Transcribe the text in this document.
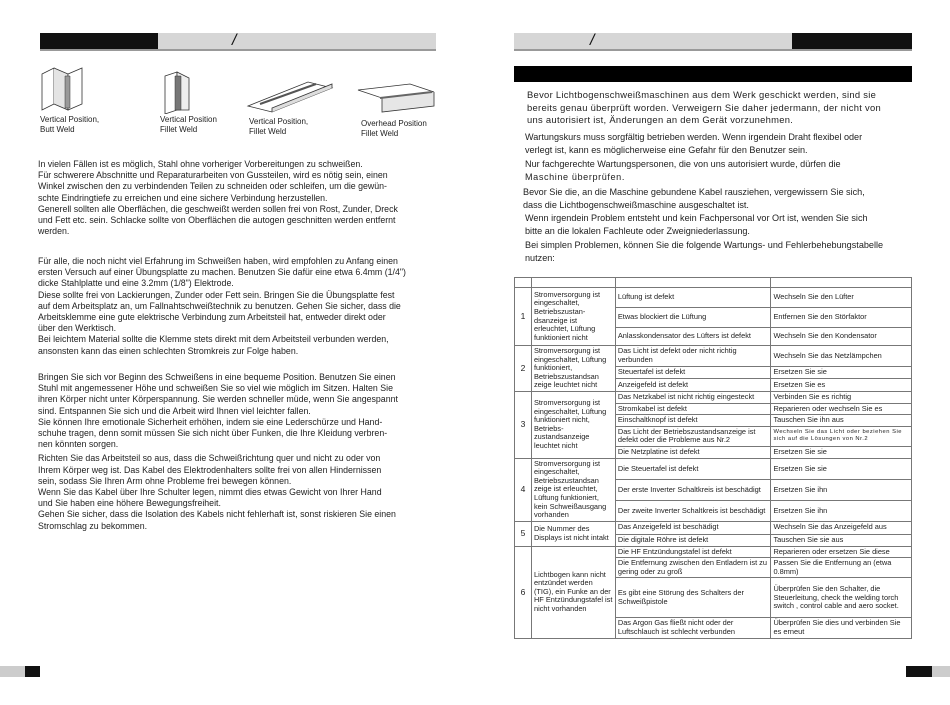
/	/
Vertical Position,
Butt Weld
Vertical Position
Fillet Weld
Vertical Position,
Fillet Weld
Overhead Position
Fillet Weld
In vielen Fällen ist es möglich, Stahl ohne vorheriger Vorbereitungen zu schweißen.
Für schwerere Abschnitte und Reparaturarbeiten von Gussteilen, wird es nötig sein, einen
Winkel zwischen den zu verbindenden Teilen zu schneiden oder schleifen, um die gewün-
schte Eindringtiefe zu erreichen und eine sichere Verbindung herzustellen.
Generell sollten alle Oberflächen, die geschweißt werden sollen frei von Rost, Zunder, Dreck
und Fett etc. sein. Schlacke sollte von Oberflächen die autogen geschnitten werden entfernt
werden.
Für alle, die noch nicht viel Erfahrung im Schweißen haben, wird empfohlen zu Anfang einen
ersten Versuch auf einer Übungsplatte zu machen. Benutzen Sie dafür eine etwa 6.4mm (1/4")
dicke Stahlplatte und eine 3.2mm (1/8") Elektrode.
Diese sollte frei von Lackierungen, Zunder oder Fett sein. Bringen Sie die Übungsplatte fest
auf dem Arbeitsplatz an, um Fallnahtschweißtechnik zu benutzen. Gehen Sie sicher, dass die
Arbeitsklemme eine gute elektrische Verbindung zum Arbeitsteil hat, entweder direkt oder
über den Werktisch.
Bei leichtem Material sollte die Klemme stets direkt mit dem Arbeitsteil verbunden werden,
ansonsten kann das einen schlechten Stromkreis zur Folge haben.
Bringen Sie sich vor Beginn des Schweißens in eine bequeme Position. Benutzen Sie einen
Stuhl mit angemessener Höhe und schweißen Sie so viel wie möglich im Sitzen. Halten Sie
ihren Körper nicht unter Körperspannung. Sie werden schneller müde, wenn Sie angespannt
sind. Entspannen Sie sich und die Arbeit wird Ihnen viel leichter fallen.
Sie können Ihre emotionale Sicherheit erhöhen, indem sie eine Lederschürze und Hand-
schuhe tragen, denn somit müssen Sie sich nicht über Funken, die Ihre Kleidung verbren-
nen könnten sorgen.
Richten Sie das Arbeitsteil so aus, dass die Schweißrichtung quer und nicht zu oder von
Ihrem Körper weg ist. Das Kabel des Elektrodenhalters sollte frei von allen Hindernissen
sein, sodass Sie Ihren Arm ohne Probleme frei bewegen können.
Wenn Sie das Kabel über Ihre Schulter legen, nimmt dies etwas Gewicht von Ihrer Hand
und Sie haben eine höhere Bewegungsfreiheit.
Gehen Sie sicher, dass die Isolation des Kabels nicht fehlerhaft ist, sonst riskieren Sie einen
Stromschlag zu bekommen.
Bevor Lichtbogenschweißmaschinen aus dem Werk geschickt werden, sind sie
bereits genau überprüft worden. Verweigern Sie daher jedermann, der nicht von
uns autorisiert ist, Änderungen an dem Gerät vorzunehmen.
Wartungskurs muss sorgfältig betrieben werden. Wenn irgendein Draht flexibel oder
verlegt ist, kann es möglicherweise eine Gefahr für den Benutzer sein.
Nur fachgerechte Wartungspersonen, die von uns autorisiert wurde, dürfen die
Maschine überprüfen.
Bevor Sie die, an die Maschine gebundene Kabel rausziehen, vergewissern Sie sich,
dass die Lichtbogenschweißmaschine ausgeschaltet ist.
Wenn irgendein Problem entsteht und kein Fachpersonal vor Ort ist, wenden Sie sich
bitte an die lokalen Fachleute oder Zweigniederlassung.
Bei simplen Problemen, können Sie die folgende Wartungs- und Fehlerbehebungstabelle
nutzen:

1	Stromversorgung ist eingeschaltet, Betriebszustan-dsanzeige ist erleuchtet, Lüftung funktioniert nicht	Lüftung ist defekt	Wechseln Sie den Lüfter
		Etwas blockiert die Lüftung	Entfernen Sie den Störfaktor
		Anlasskondensator des Lüfters ist defekt	Wechseln Sie den Kondensator
2	Stromversorgung ist eingeschaltet, Lüftung funktioniert, Betriebszustandsan zeige leuchtet nicht	Das Licht ist defekt oder nicht richtig verbunden	Wechseln Sie das Netzlämpchen
		Steuertafel ist defekt	Ersetzen Sie sie
		Anzeigefeld ist defekt	Ersetzen Sie es
3	Stromversorgung ist eingeschaltet, Lüftung funktioniert nicht, Betriebs-zustandsanzeige leuchtet nicht	Das Netzkabel ist nicht richtig eingesteckt	Verbinden Sie es richtig
		Stromkabel ist defekt	Reparieren oder wechseln Sie es
		Einschaltknopf ist defekt	Tauschen Sie ihn aus
		Das Licht der Betriebszustandsanzeige ist defekt oder die Probleme aus Nr.2	Wechseln Sie das Licht oder beziehen Sie sich auf die Lösungen von Nr.2
		Die Netzplatine ist defekt	Ersetzen Sie sie
4	Stromversorgung ist eingeschaltet, Betriebszustandsan zeige ist erleuchtet, Lüftung funktioniert, kein Schweißausgang vorhanden	Die Steuertafel ist defekt	Ersetzen Sie sie
		Der erste Inverter Schaltkreis ist beschädigt	Ersetzen Sie ihn
		Der zweite Inverter Schaltkreis ist beschädigt	Ersetzen Sie ihn
5	Die Nummer des Displays ist nicht intakt	Das Anzeigefeld ist beschädigt	Wechseln Sie das Anzeigefeld aus
		Die digitale Röhre ist defekt	Tauschen Sie sie aus
6	Lichtbogen kann nicht entzündet werden (TIG), ein Funke an der HF Entzündungstafel ist nicht vorhanden	Die HF Entzündungstafel ist defekt	Reparieren oder ersetzen Sie diese
		Die Entfernung zwischen den Entladern ist zu gering oder zu groß	Passen Sie die Entfernung an (etwa 0.8mm)
		Es gibt eine Störung des Schalters der Schweißpistole	Überprüfen Sie den Schalter, die Steuerleitung, check the welding torch switch , control cable and aero socket.
		Das Argon Gas fließt nicht oder der Luftschlauch ist schlecht verbunden	Überprüfen Sie dies und verbinden Sie es erneut
